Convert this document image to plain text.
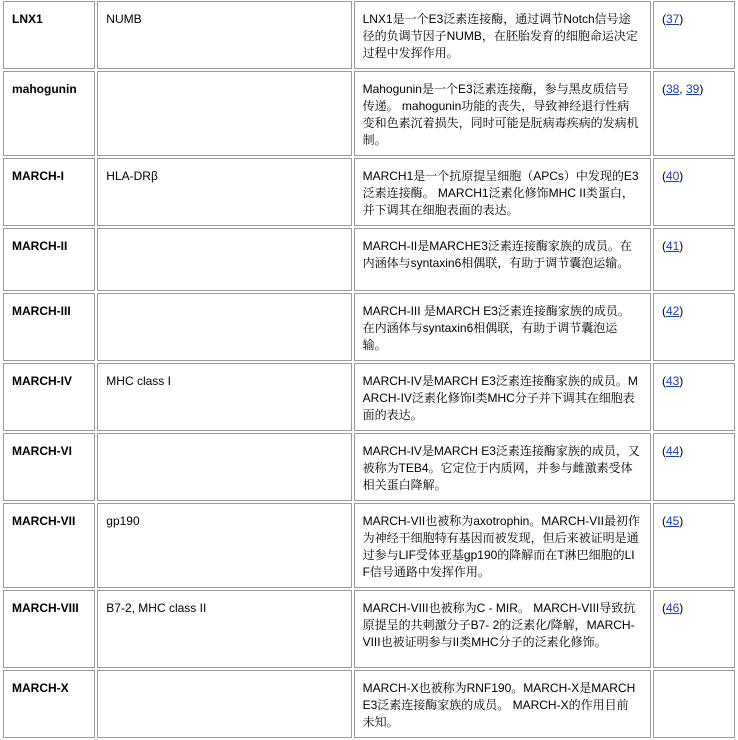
LNX1	NUMB	LNX1是一个E3泛素连接酶，通过调节Notch信号途径的负调节因子NUMB，在胚胎发育的细胞命运决定过程中发挥作用。	(37)
mahogunin		Mahogunin是一个E3泛素连接酶，参与黑皮质信号传递。 mahogunin功能的丧失，导致神经退行性病变和色素沉着损失，同时可能是朊病毒疾病的发病机制。	(38, 39)
MARCH-I	HLA-DRβ	MARCH1是一个抗原提呈细胞（APCs）中发现的E3泛素连接酶。 MARCH1泛素化修饰MHC II类蛋白，并下调其在细胞表面的表达。	(40)
MARCH-II		MARCH-II是MARCHE3泛素连接酶家族的成员。在内涵体与syntaxin6相偶联，有助于调节囊泡运输。	(41)
MARCH-III		MARCH-III 是MARCH E3泛素连接酶家族的成员。在内涵体与syntaxin6相偶联，有助于调节囊泡运输。	(42)
MARCH-IV	MHC class I	MARCH-IV是MARCH E3泛素连接酶家族的成员。MARCH-IV泛素化修饰Ⅰ类MHC分子并下调其在细胞表面的表达。	(43)
MARCH-VI		MARCH-IV是MARCH E3泛素连接酶家族的成员，又被称为TEB4。它定位于内质网，并参与雌激素受体相关蛋白降解。	(44)
MARCH-VII	gp190	MARCH-VII也被称为axotrophin。MARCH-VII最初作为神经干细胞特有基因而被发现，但后来被证明是通过参与LIF受体亚基gp190的降解而在T淋巴细胞的LIF信号通路中发挥作用。	(45)
MARCH-VIII	B7-2, MHC class II	MARCH-VIII也被称为C - MIR。 MARCH-VIII导致抗原提呈的共刺激分子B7- 2的泛素化/降解，MARCH-VIII也被证明参与II类MHC分子的泛素化修饰。	(46)
MARCH-X		MARCH-X也被称为RNF190。MARCH-X是MARCH E3泛素连接酶家族的成员。 MARCH-X的作用目前未知。	
